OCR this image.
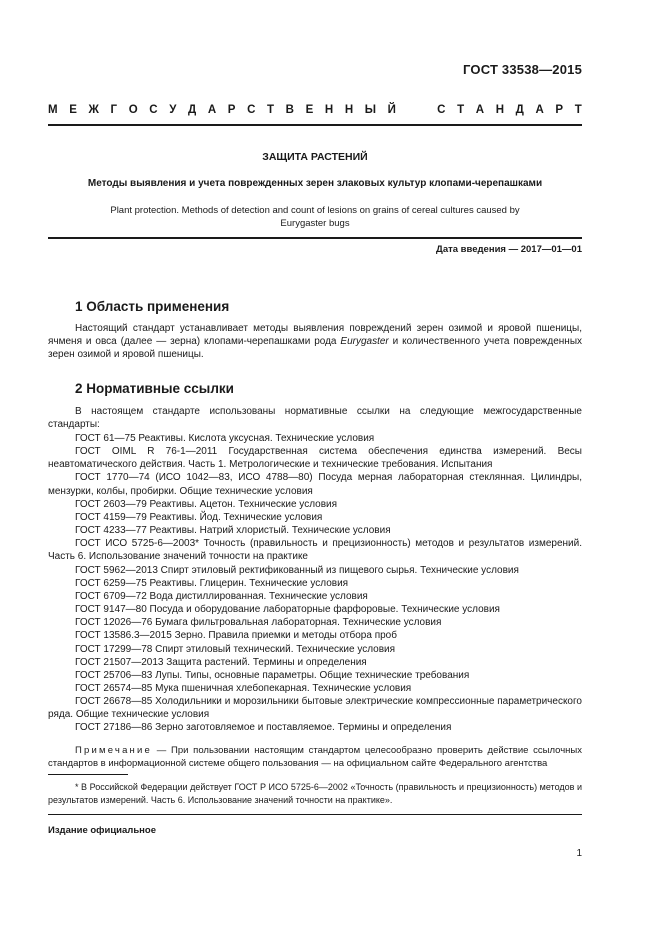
ГОСТ 33538—2015
М Е Ж Г О С У Д А Р С Т В Е Н Н Ы Й
	С Т А Н Д А Р Т
ЗАЩИТА РАСТЕНИЙ
Методы выявления и учета поврежденных зерен злаковых культур клопами-черепашками
Plant protection. Methods of detection and count of lesions on grains of cereal cultures caused by Eurygaster bugs
Дата введения — 2017—01—01
1 Область применения
Настоящий стандарт устанавливает методы выявления повреждений зерен озимой и яровой пшеницы, ячменя и овса (далее — зерна) клопами-черепашками рода Eurygaster и количественного учета поврежденных зерен озимой и яровой пшеницы.
2 Нормативные ссылки
В настоящем стандарте использованы нормативные ссылки на следующие межгосударственные стандарты:
ГОСТ 61—75 Реактивы. Кислота уксусная. Технические условия
ГОСТ OIML R 76-1—2011 Государственная система обеспечения единства измерений. Весы неавтоматического действия. Часть 1. Метрологические и технические требования. Испытания
ГОСТ 1770—74 (ИСО 1042—83, ИСО 4788—80) Посуда мерная лабораторная стеклянная. Цилиндры, мензурки, колбы, пробирки. Общие технические условия
ГОСТ 2603—79 Реактивы. Ацетон. Технические условия
ГОСТ 4159—79 Реактивы. Йод. Технические условия
ГОСТ 4233—77 Реактивы. Натрий хлористый. Технические условия
ГОСТ ИСО 5725-6—2003* Точность (правильность и прецизионность) методов и результатов измерений. Часть 6. Использование значений точности на практике
ГОСТ 5962—2013 Спирт этиловый ректификованный из пищевого сырья. Технические условия
ГОСТ 6259—75 Реактивы. Глицерин. Технические условия
ГОСТ 6709—72 Вода дистиллированная. Технические условия
ГОСТ 9147—80 Посуда и оборудование лабораторные фарфоровые. Технические условия
ГОСТ 12026—76 Бумага фильтровальная лабораторная. Технические условия
ГОСТ 13586.3—2015 Зерно. Правила приемки и методы отбора проб
ГОСТ 17299—78 Спирт этиловый технический. Технические условия
ГОСТ 21507—2013 Защита растений. Термины и определения
ГОСТ 25706—83 Лупы. Типы, основные параметры. Общие технические требования
ГОСТ 26574—85 Мука пшеничная хлебопекарная. Технические условия
ГОСТ 26678—85 Холодильники и морозильники бытовые электрические компрессионные параметрического ряда. Общие технические условия
ГОСТ 27186—86 Зерно заготовляемое и поставляемое. Термины и определения
Примечание — При пользовании настоящим стандартом целесообразно проверить действие ссылочных стандартов в информационной системе общего пользования — на официальном сайте Федерального агентства
* В Российской Федерации действует ГОСТ Р ИСО 5725-6—2002 «Точность (правильность и прецизионность) методов и результатов измерений. Часть 6. Использование значений точности на практике».
Издание официальное
1
